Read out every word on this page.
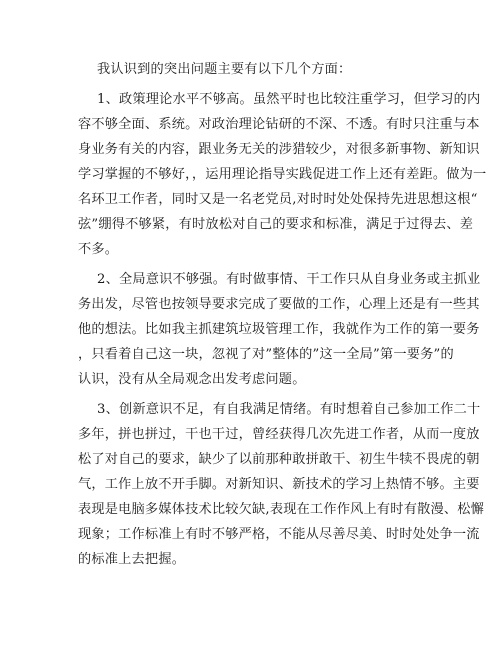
我认识到的突出问题主要有以下几个方面：
1、政策理论水平不够高。虽然平时也比较注重学习，但学习的内
容不够全面、系统。对政治理论钻研的不深、不透。有时只注重与本
身业务有关的内容，跟业务无关的涉猎较少，对很多新事物、新知识
学习掌握的不够好，，运用理论指导实践促进工作上还有差距。做为一
名环卫工作者，同时又是一名老党员,对时时处处保持先进思想这根“
弦”绷得不够紧，有时放松对自己的要求和标准，满足于过得去、差
不多。
2、全局意识不够强。有时做事情、干工作只从自身业务或主抓业
务出发，尽管也按领导要求完成了要做的工作，心理上还是有一些其
他的想法。比如我主抓建筑垃圾管理工作，我就作为工作的第一要务
，只看着自己这一块，忽视了对”整体的”这一全局”第一要务”的
认识，没有从全局观念出发考虑问题。
3、创新意识不足，有自我满足情绪。有时想着自己参加工作二十
多年，拼也拼过，干也干过，曾经获得几次先进工作者，从而一度放
松了对自己的要求，缺少了以前那种敢拼敢干、初生牛犊不畏虎的朝
气，工作上放不开手脚。对新知识、新技术的学习上热情不够。主要
表现是电脑多媒体技术比较欠缺,表现在工作作风上有时有散漫、松懈
现象；工作标准上有时不够严格，不能从尽善尽美、时时处处争一流
的标准上去把握。
